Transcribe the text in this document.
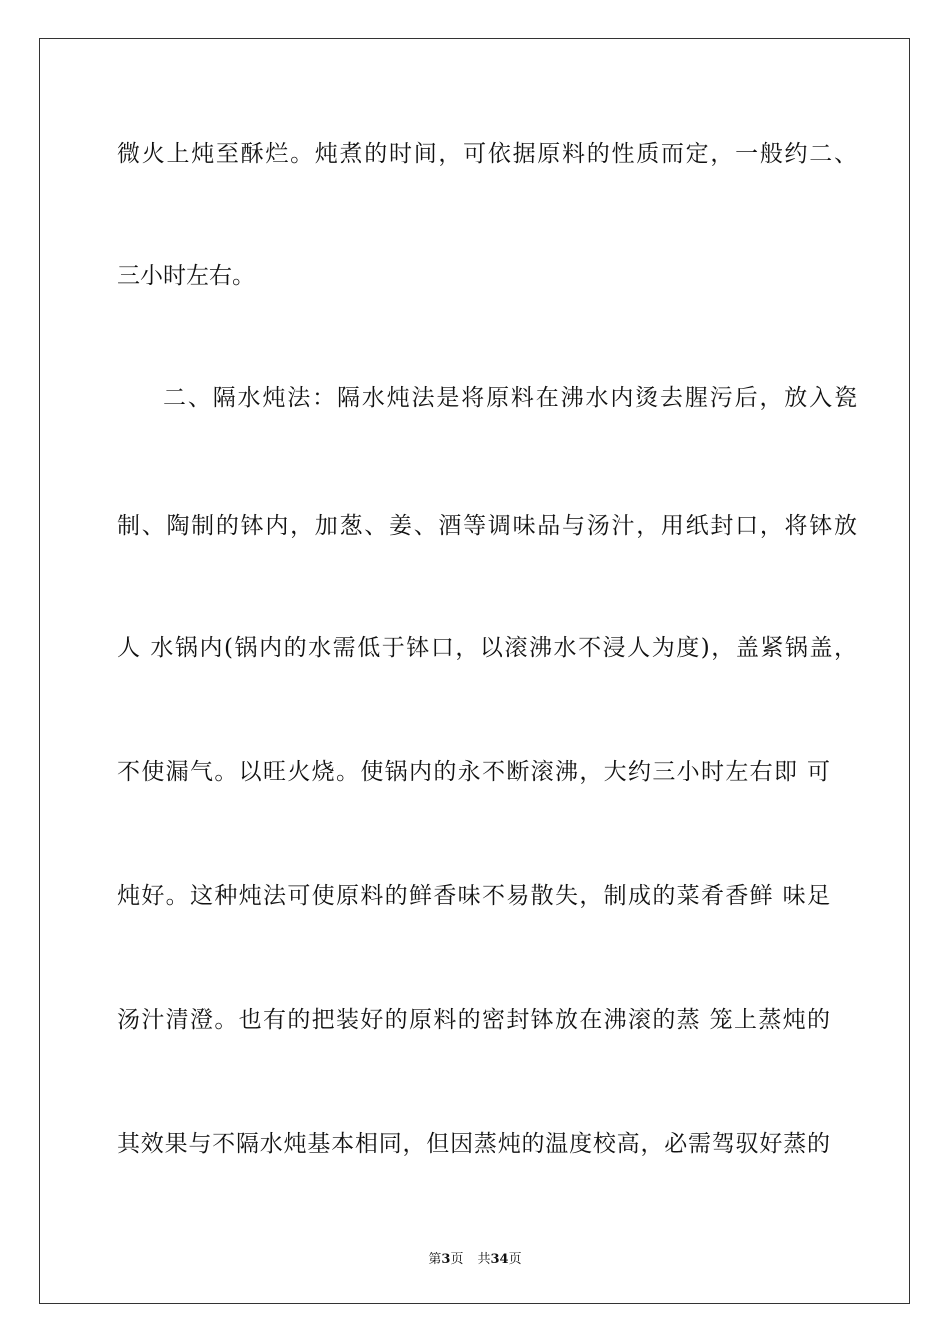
微火上炖至酥烂。炖煮的时间，可依据原料的性质而定，一般约二、
三小时左右。
二、隔水炖法：隔水炖法是将原料在沸水内烫去腥污后，放入瓷
制、陶制的钵内，加葱、姜、酒等调味品与汤汁，用纸封口，将钵放
人 水锅内(锅内的水需低于钵口，以滚沸水不浸人为度)，盖紧锅盖，
不使漏气。以旺火烧。使锅内的永不断滚沸，大约三小时左右即 可
炖好。这种炖法可使原料的鲜香味不易散失，制成的菜肴香鲜 味足
汤汁清澄。也有的把装好的原料的密封钵放在沸滚的蒸 笼上蒸炖的
其效果与不隔水炖基本相同，但因蒸炖的温度校高，必需驾驭好蒸的
第3页 共34页
